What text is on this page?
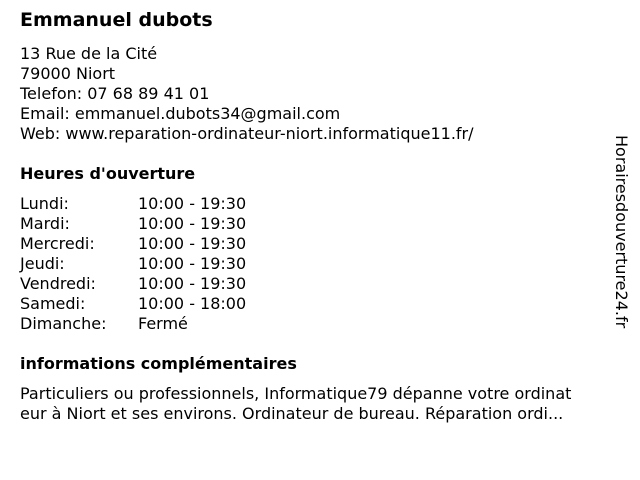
Emmanuel dubots
13 Rue de la Cité
79000 Niort
Telefon: 07 68 89 41 01
Email: emmanuel.dubots34@gmail.com
Web: www.reparation-ordinateur-niort.informatique11.fr/
Heures d'ouverture
Lundi:	10:00 - 19:30
Mardi:	10:00 - 19:30
Mercredi:	10:00 - 19:30
Jeudi:	10:00 - 19:30
Vendredi:	10:00 - 19:30
Samedi:	10:00 - 18:00
Dimanche:	Fermé
informations complémentaires
Particuliers ou professionnels, Informatique79 dépanne votre ordinat
eur à Niort et ses environs. Ordinateur de bureau. Réparation ordi...
Horairesdouverture24.fr
